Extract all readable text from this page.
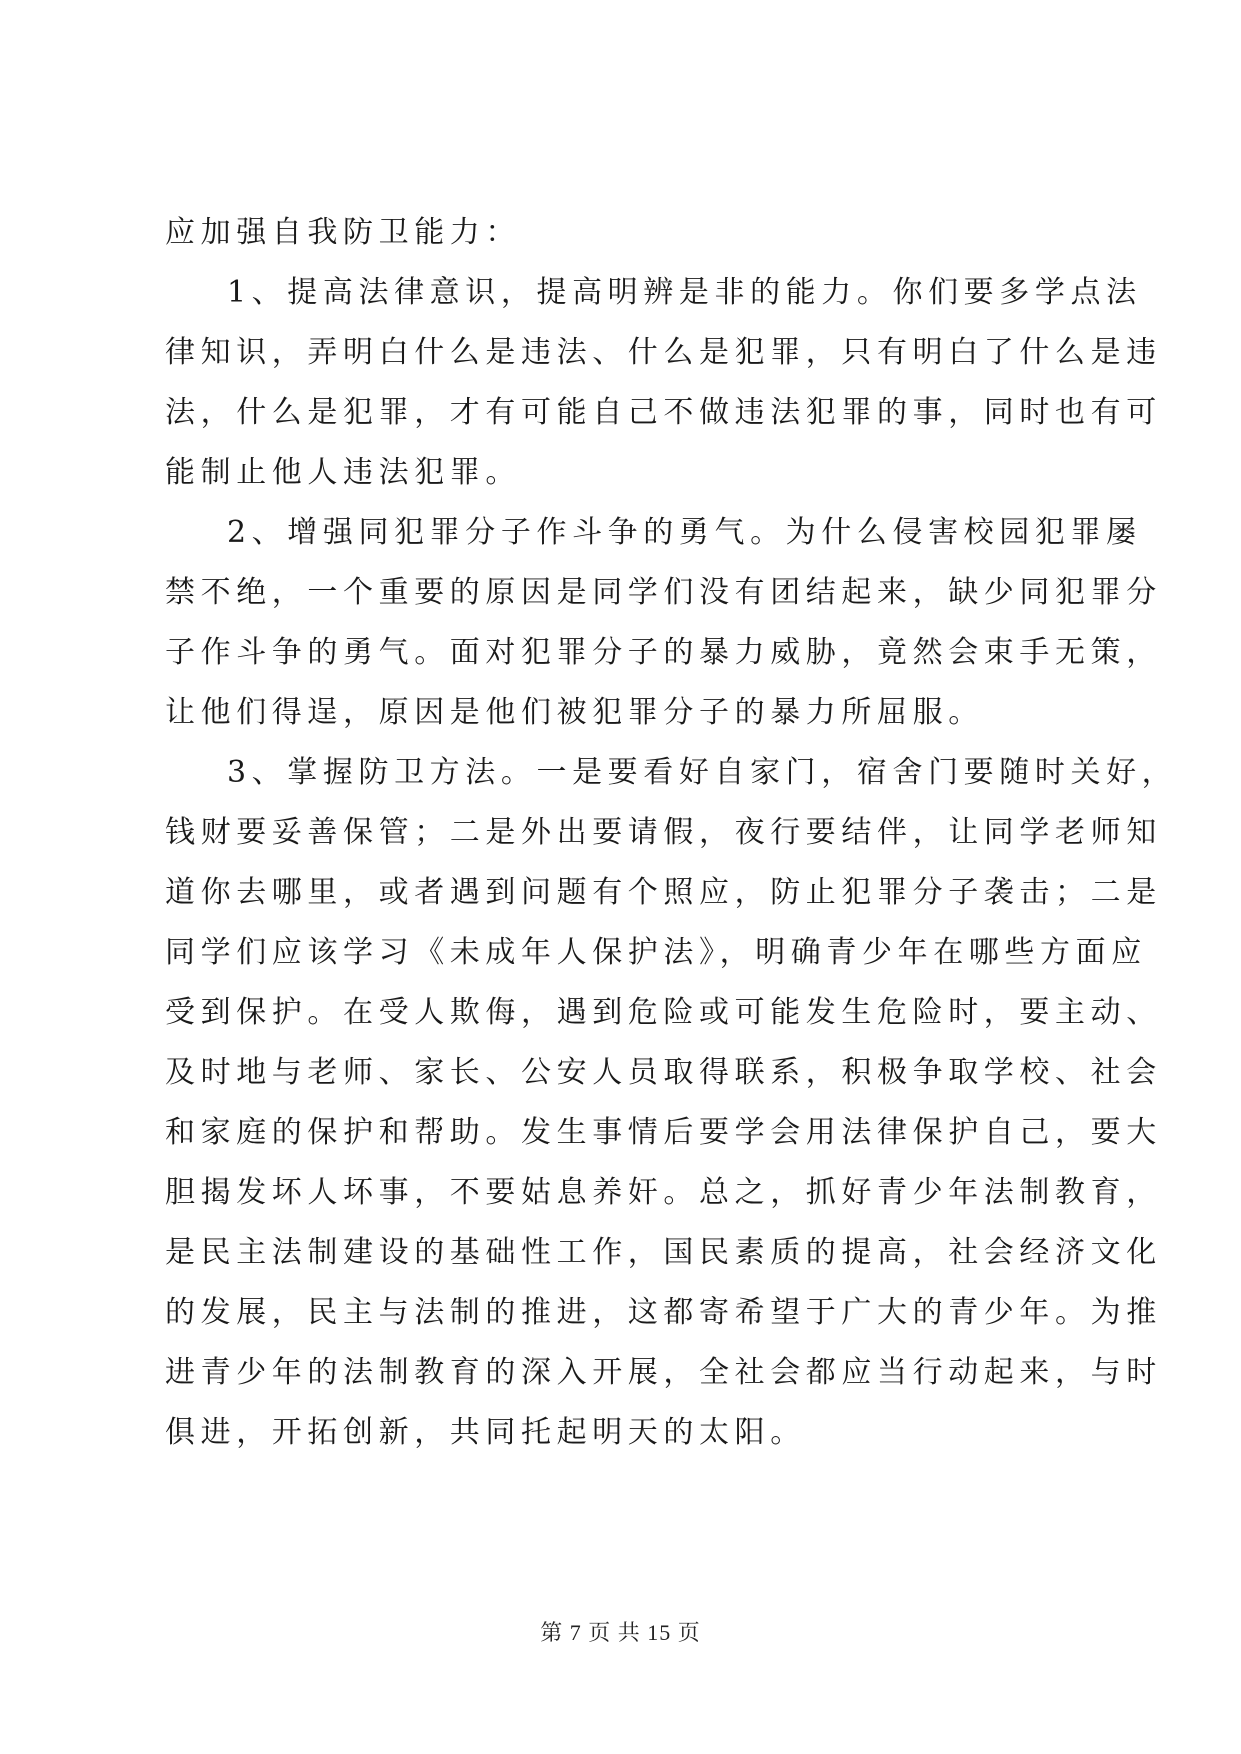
应加强自我防卫能力：
1、提高法律意识，提高明辨是非的能力。你们要多学点法
律知识，弄明白什么是违法、什么是犯罪，只有明白了什么是违
法，什么是犯罪，才有可能自己不做违法犯罪的事，同时也有可
能制止他人违法犯罪。
2、增强同犯罪分子作斗争的勇气。为什么侵害校园犯罪屡
禁不绝，一个重要的原因是同学们没有团结起来，缺少同犯罪分
子作斗争的勇气。面对犯罪分子的暴力威胁，竟然会束手无策，
让他们得逞，原因是他们被犯罪分子的暴力所屈服。
3、掌握防卫方法。一是要看好自家门，宿舍门要随时关好，
钱财要妥善保管；二是外出要请假，夜行要结伴，让同学老师知
道你去哪里，或者遇到问题有个照应，防止犯罪分子袭击；二是
同学们应该学习《未成年人保护法》，明确青少年在哪些方面应
受到保护。在受人欺侮，遇到危险或可能发生危险时，要主动、
及时地与老师、家长、公安人员取得联系，积极争取学校、社会
和家庭的保护和帮助。发生事情后要学会用法律保护自己，要大
胆揭发坏人坏事，不要姑息养奸。总之，抓好青少年法制教育，
是民主法制建设的基础性工作，国民素质的提高，社会经济文化
的发展，民主与法制的推进，这都寄希望于广大的青少年。为推
进青少年的法制教育的深入开展，全社会都应当行动起来，与时
俱进，开拓创新，共同托起明天的太阳。
第 7 页 共 15 页
